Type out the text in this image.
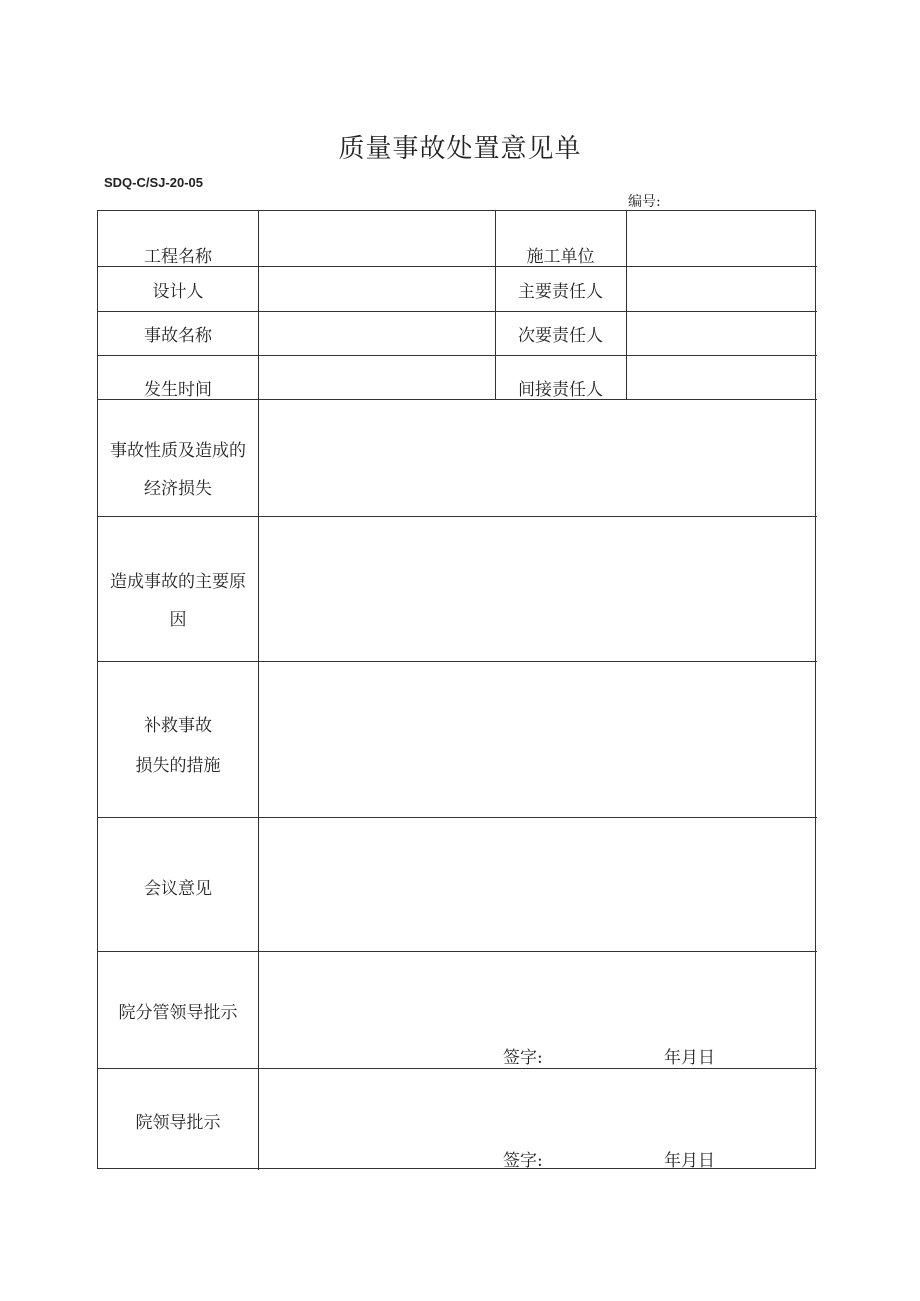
质量事故处置意见单
SDQ-C/SJ-20-05
编号:
工程名称	施工单位
设计人	主要责任人
事故名称	次要责任人
发生时间	间接责任人
事故性质及造成的
经济损失
造成事故的主要原
因
补救事故
损失的措施
会议意见
院分管领导批示
签字:	年月日
院领导批示
签字:	年月日
